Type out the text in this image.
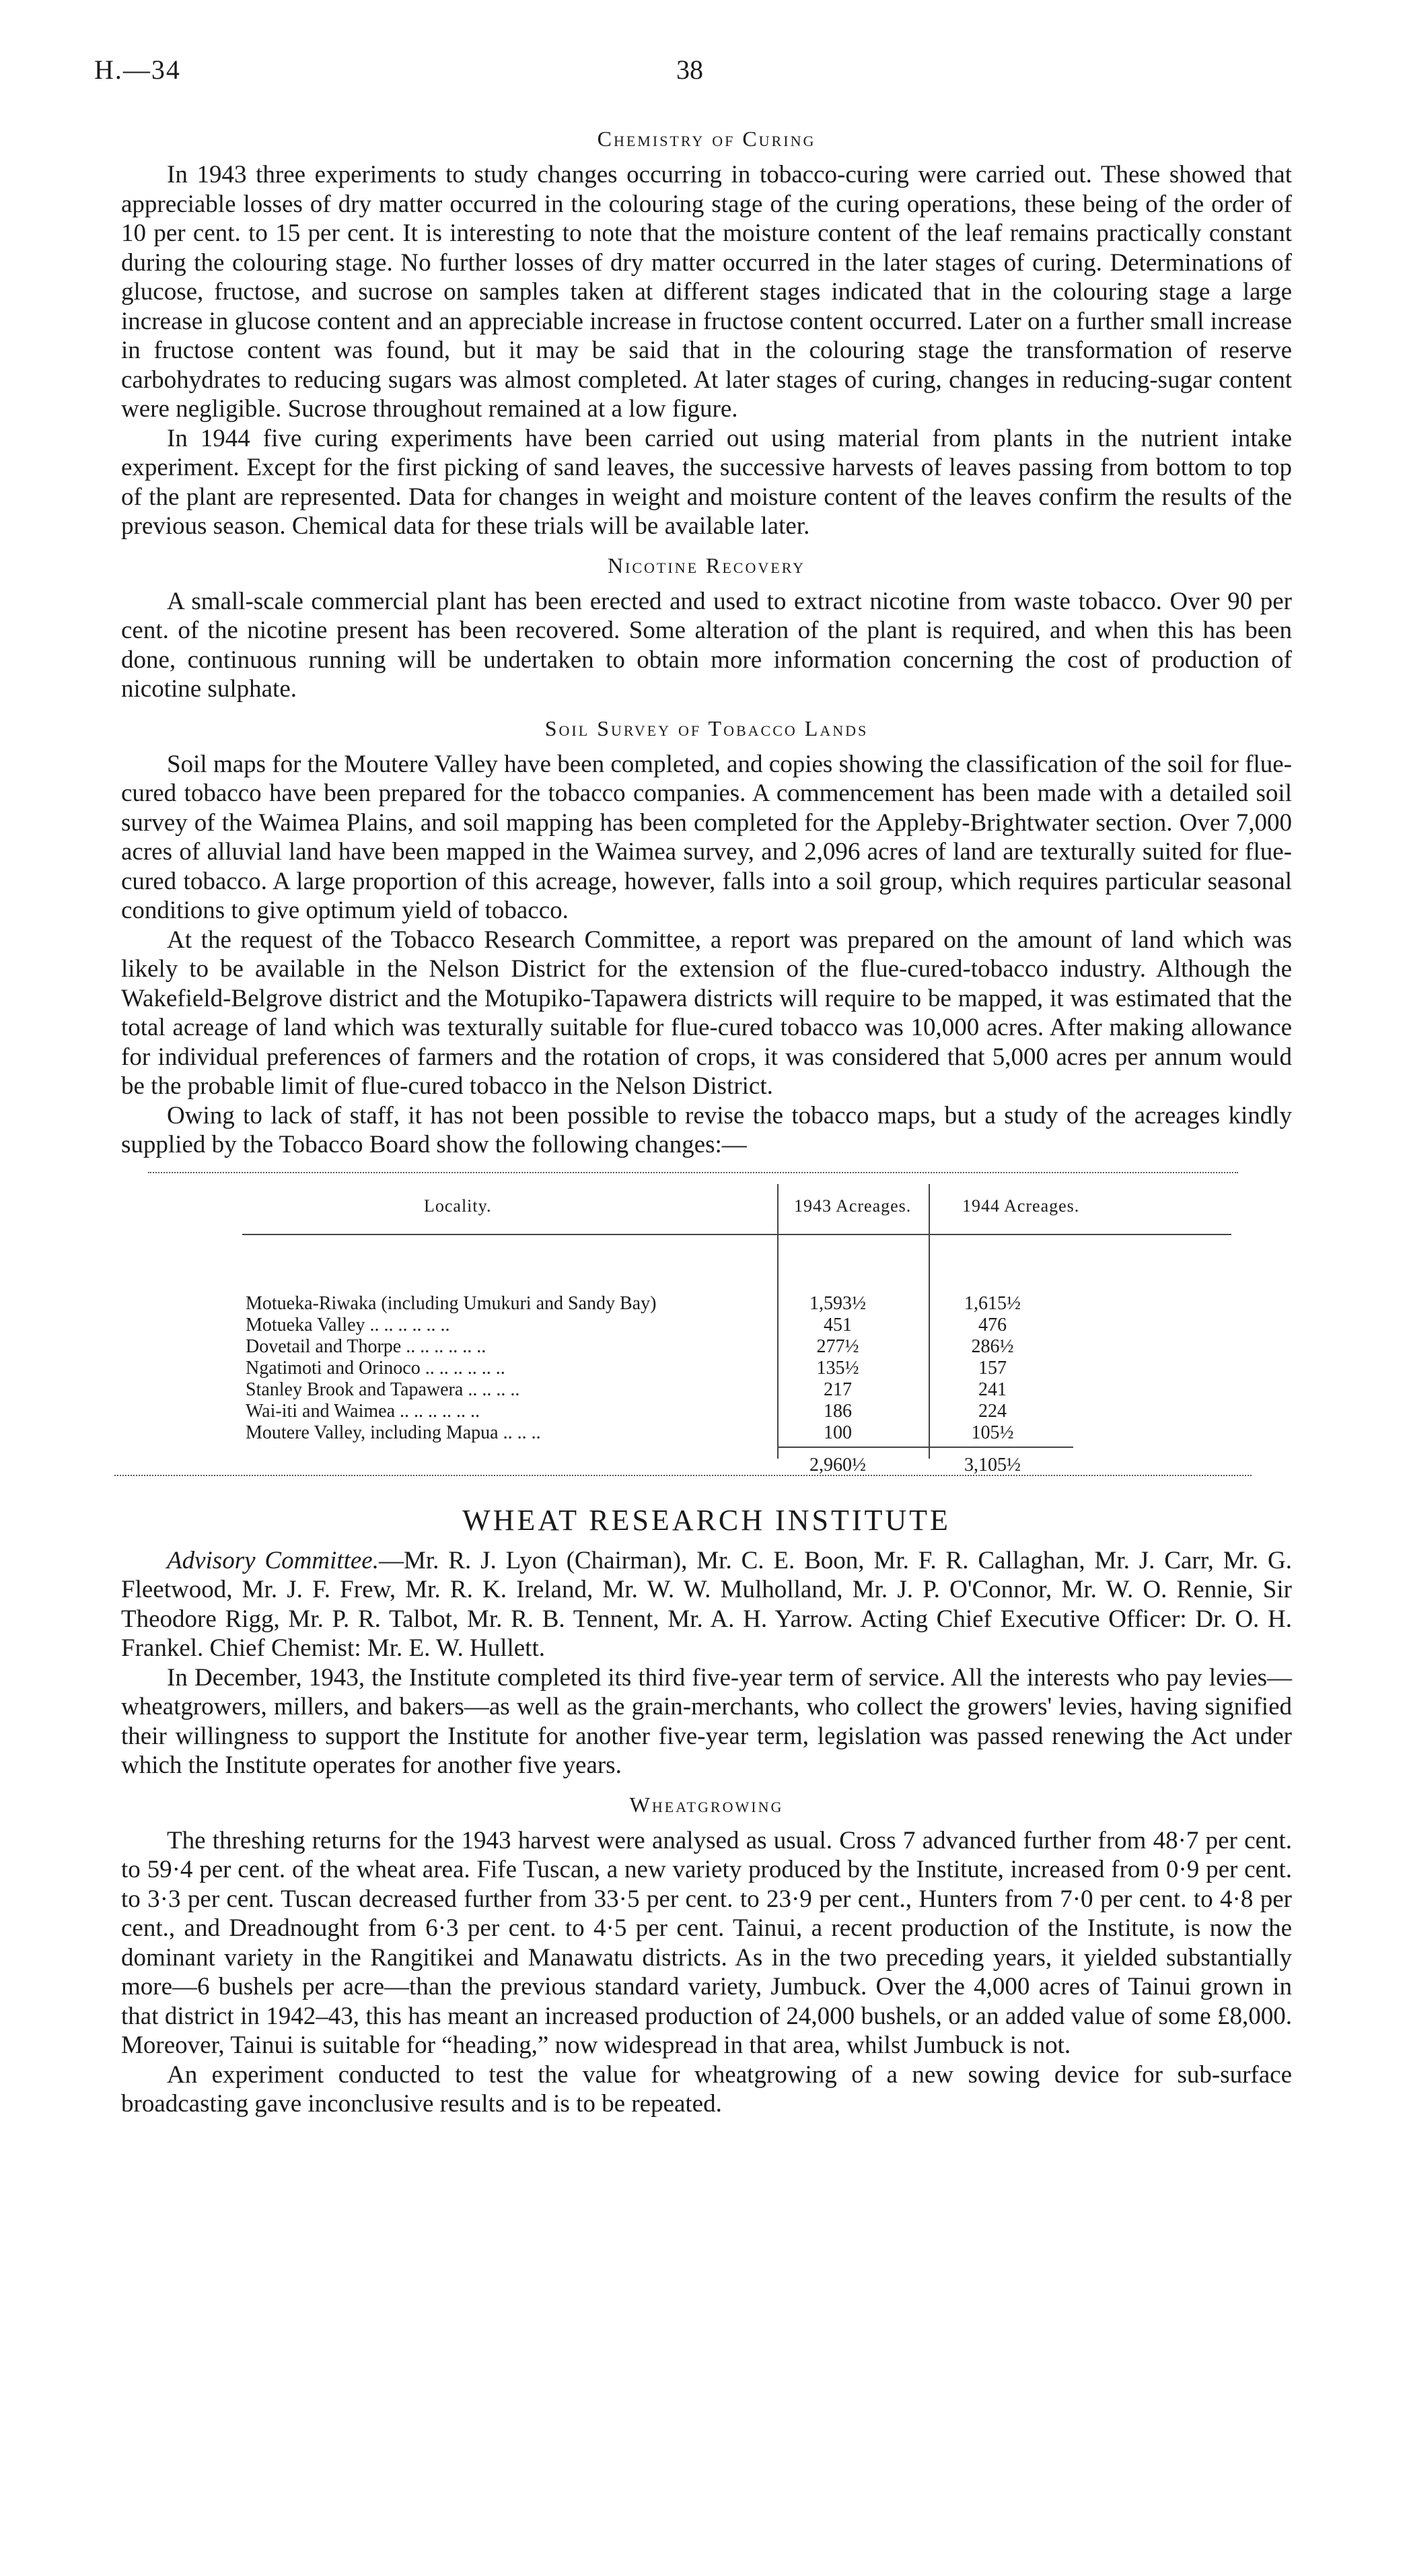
H.—34	38
Chemistry of Curing

In 1943 three experiments to study changes occurring in tobacco-curing were carried out. These showed that appreciable losses of dry matter occurred in the colouring stage of the curing operations, these being of the order of 10 per cent. to 15 per cent. It is interesting to note that the moisture content of the leaf remains practically constant during the colouring stage. No further losses of dry matter occurred in the later stages of curing. Determinations of glucose, fructose, and sucrose on samples taken at different stages indicated that in the colouring stage a large increase in glucose content and an appreciable increase in fructose content occurred. Later on a further small increase in fructose content was found, but it may be said that in the colouring stage the transformation of reserve carbohydrates to reducing sugars was almost completed. At later stages of curing, changes in reducing-sugar content were negligible. Sucrose throughout remained at a low figure.

In 1944 five curing experiments have been carried out using material from plants in the nutrient intake experiment. Except for the first picking of sand leaves, the successive harvests of leaves passing from bottom to top of the plant are represented. Data for changes in weight and moisture content of the leaves confirm the results of the previous season. Chemical data for these trials will be available later.

Nicotine Recovery

A small-scale commercial plant has been erected and used to extract nicotine from waste tobacco. Over 90 per cent. of the nicotine present has been recovered. Some alteration of the plant is required, and when this has been done, continuous running will be undertaken to obtain more information concerning the cost of production of nicotine sulphate.

Soil Survey of Tobacco Lands

Soil maps for the Moutere Valley have been completed, and copies showing the classification of the soil for flue-cured tobacco have been prepared for the tobacco companies. A commencement has been made with a detailed soil survey of the Waimea Plains, and soil mapping has been completed for the Appleby-Brightwater section. Over 7,000 acres of alluvial land have been mapped in the Waimea survey, and 2,096 acres of land are texturally suited for flue-cured tobacco. A large proportion of this acreage, however, falls into a soil group, which requires particular seasonal conditions to give optimum yield of tobacco.

At the request of the Tobacco Research Committee, a report was prepared on the amount of land which was likely to be available in the Nelson District for the extension of the flue-cured-tobacco industry. Although the Wakefield-Belgrove district and the Motupiko-Tapawera districts will require to be mapped, it was estimated that the total acreage of land which was texturally suitable for flue-cured tobacco was 10,000 acres. After making allowance for individual preferences of farmers and the rotation of crops, it was considered that 5,000 acres per annum would be the probable limit of flue-cured tobacco in the Nelson District.

Owing to lack of staff, it has not been possible to revise the tobacco maps, but a study of the acreages kindly supplied by the Tobacco Board show the following changes:—

Locality.	1943 Acreages.	1944 Acreages.
Motueka-Riwaka (including Umukuri and Sandy Bay)	1,593½	1,615½
Motueka Valley .. .. .. .. .. ..	451	476
Dovetail and Thorpe .. .. .. .. .. ..	277½	286½
Ngatimoti and Orinoco .. .. .. .. .. ..	135½	157
Stanley Brook and Tapawera .. .. .. ..	217	241
Wai-iti and Waimea .. .. .. .. .. ..	186	224
Moutere Valley, including Mapua .. .. ..	100	105½
2,960½	3,105½
WHEAT RESEARCH INSTITUTE

Advisory Committee.—Mr. R. J. Lyon (Chairman), Mr. C. E. Boon, Mr. F. R. Callaghan, Mr. J. Carr, Mr. G. Fleetwood, Mr. J. F. Frew, Mr. R. K. Ireland, Mr. W. W. Mulholland, Mr. J. P. O'Connor, Mr. W. O. Rennie, Sir Theodore Rigg, Mr. P. R. Talbot, Mr. R. B. Tennent, Mr. A. H. Yarrow. Acting Chief Executive Officer: Dr. O. H. Frankel. Chief Chemist: Mr. E. W. Hullett.

In December, 1943, the Institute completed its third five-year term of service. All the interests who pay levies—wheatgrowers, millers, and bakers—as well as the grain-merchants, who collect the growers' levies, having signified their willingness to support the Institute for another five-year term, legislation was passed renewing the Act under which the Institute operates for another five years.

Wheatgrowing

The threshing returns for the 1943 harvest were analysed as usual. Cross 7 advanced further from 48·7 per cent. to 59·4 per cent. of the wheat area. Fife Tuscan, a new variety produced by the Institute, increased from 0·9 per cent. to 3·3 per cent. Tuscan decreased further from 33·5 per cent. to 23·9 per cent., Hunters from 7·0 per cent. to 4·8 per cent., and Dreadnought from 6·3 per cent. to 4·5 per cent. Tainui, a recent production of the Institute, is now the dominant variety in the Rangitikei and Manawatu districts. As in the two preceding years, it yielded substantially more—6 bushels per acre—than the previous standard variety, Jumbuck. Over the 4,000 acres of Tainui grown in that district in 1942–43, this has meant an increased production of 24,000 bushels, or an added value of some £8,000. Moreover, Tainui is suitable for “heading,” now widespread in that area, whilst Jumbuck is not.

An experiment conducted to test the value for wheatgrowing of a new sowing device for sub-surface broadcasting gave inconclusive results and is to be repeated.
